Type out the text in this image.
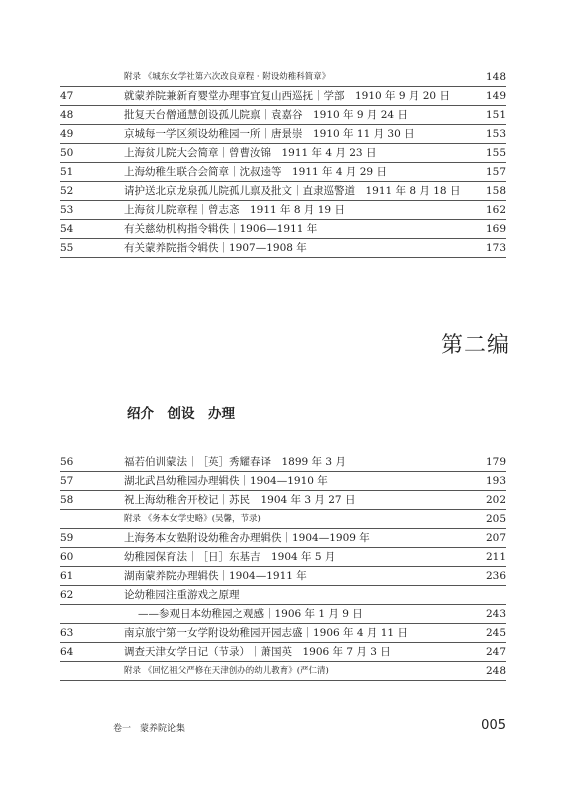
附录 《城东女学社第六次改良章程 · 附设幼稚科简章》	148
47	就蒙养院兼新育婴堂办理事宜复山西巡抚｜学部　1910 年 9 月 20 日	149
48	批复天台僧通慧创设孤儿院禀｜袁嘉谷　1910 年 9 月 24 日	151
49	京城每一学区须设幼稚园一所｜唐景崇　1910 年 11 月 30 日	153
50	上海贫儿院大会简章｜曾曹汝锦　1911 年 4 月 23 日	155
51	上海幼稚生联合会简章｜沈叔逵等　1911 年 4 月 29 日	157
52	请护送北京龙泉孤儿院孤儿禀及批文｜直隶巡警道　1911 年 8 月 18 日 158
53	上海贫儿院章程｜曾志忞　1911 年 8 月 19 日	162
54	有关慈幼机构指令辑佚｜1906—1911 年	169
55	有关蒙养院指令辑佚｜1907—1908 年	173
第二编
绍介　创设　办理
56	福若伯训蒙法｜［英］秀耀春译　1899 年 3 月	179
57	湖北武昌幼稚园办理辑佚｜1904—1910 年	193
58	祝上海幼稚舍开校记｜苏民　1904 年 3 月 27 日	202
附录 《务本女学史略》(吴馨，节录)	205
59	上海务本女塾附设幼稚舍办理辑佚｜1904—1909 年	207
60	幼稚园保育法｜［日］东基吉　1904 年 5 月	211
61	湖南蒙养院办理辑佚｜1904—1911 年	236
62	论幼稚园注重游戏之原理
——参观日本幼稚园之观感｜1906 年 1 月 9 日	243
63	南京旅宁第一女学附设幼稚园开园志盛｜1906 年 4 月 11 日	245
64	调查天津女学日记（节录）｜萧国英　1906 年 7 月 3 日	247
附录 《回忆祖父严修在天津创办的幼儿教育》(严仁清)	248
卷一　蒙养院论集	005
